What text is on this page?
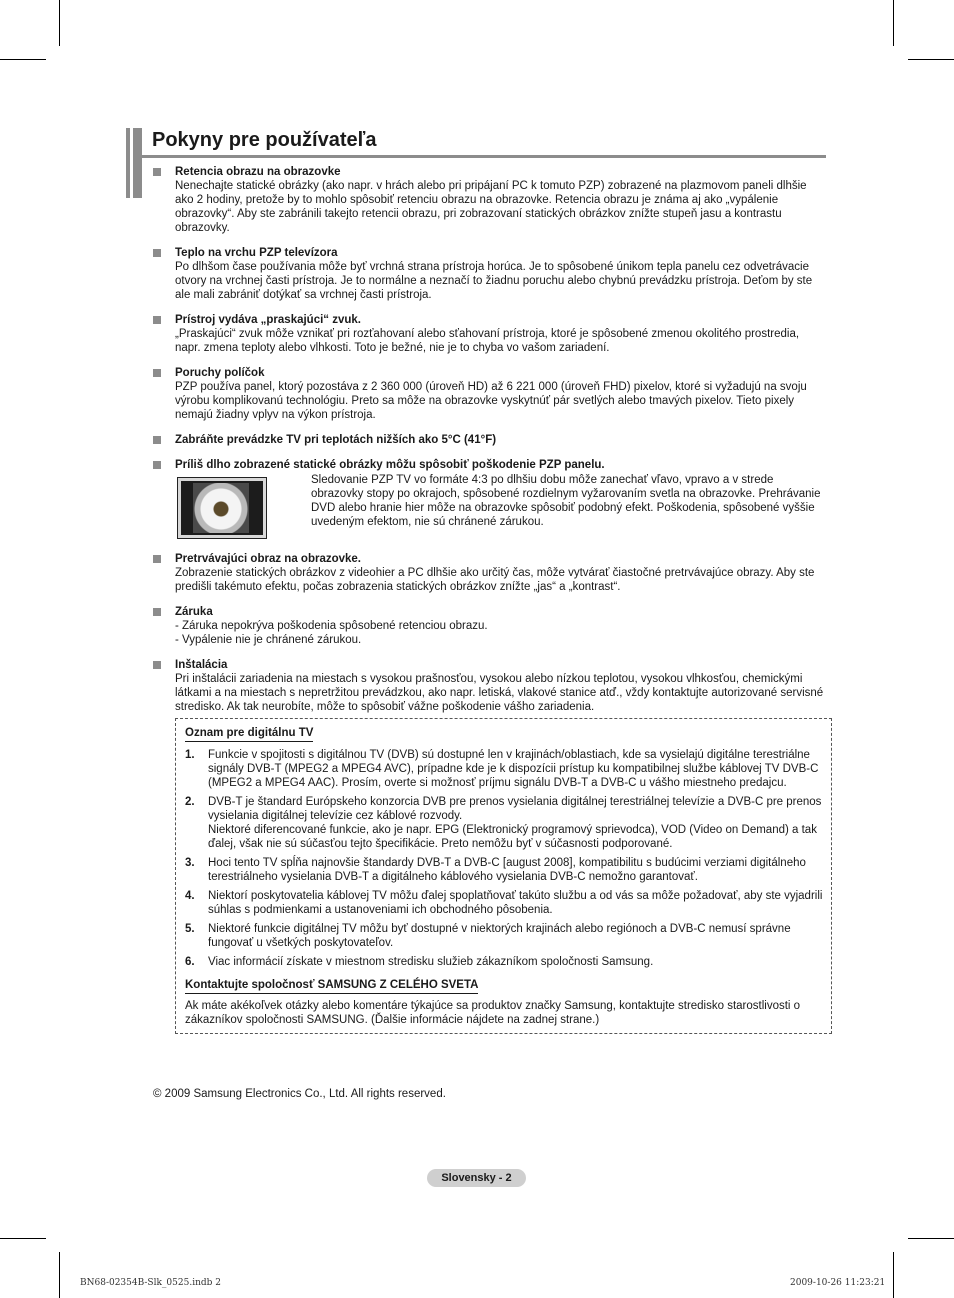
Pokyny pre používateľa
Retencia obrazu na obrazovke

Nenechajte statické obrázky (ako napr. v hrách alebo pri pripájaní PC k tomuto PZP) zobrazené na plazmovom paneli dlhšie ako 2 hodiny, pretože by to mohlo spôsobiť retenciu obrazu na obrazovke. Retencia obrazu je známa aj ako „vypálenie obrazovky“. Aby ste zabránili takejto retencii obrazu, pri zobrazovaní statických obrázkov znížte stupeň jasu a kontrastu obrazovky.

Teplo na vrchu PZP televízora

Po dlhšom čase používania môže byť vrchná strana prístroja horúca. Je to spôsobené únikom tepla panelu cez odvetrávacie otvory na vrchnej časti prístroja. Je to normálne a neznačí to žiadnu poruchu alebo chybnú prevádzku prístroja. Deťom by ste ale mali zabrániť dotýkať sa vrchnej časti prístroja.

Prístroj vydáva „praskajúci“ zvuk.

„Praskajúci“ zvuk môže vznikať pri rozťahovaní alebo sťahovaní prístroja, ktoré je spôsobené zmenou okolitého prostredia, napr. zmena teploty alebo vlhkosti. Toto je bežné, nie je to chyba vo vašom zariadení.

Poruchy políčok

PZP používa panel, ktorý pozostáva z 2 360 000 (úroveň HD) až 6 221 000 (úroveň FHD) pixelov, ktoré si vyžadujú na svoju výrobu komplikovanú technológiu. Preto sa môže na obrazovke vyskytnúť pár svetlých alebo tmavých pixelov. Tieto pixely nemajú žiadny vplyv na výkon prístroja.

Zabráňte prevádzke TV pri teplotách nižších ako 5°C (41°F)
Príliš dlho zobrazené statické obrázky môžu spôsobiť poškodenie PZP panelu.

Sledovanie PZP TV vo formáte 4:3 po dlhšiu dobu môže zanechať vľavo, vpravo a v strede obrazovky stopy po okrajoch, spôsobené rozdielnym vyžarovaním svetla na obrazovke. Prehrávanie DVD alebo hranie hier môže na obrazovke spôsobiť podobný efekt. Poškodenia, spôsobené vyššie uvedeným efektom, nie sú chránené zárukou.

Pretrvávajúci obraz na obrazovke.

Zobrazenie statických obrázkov z videohier a PC dlhšie ako určitý čas, môže vytvárať čiastočné pretrvávajúce obrazy. Aby ste predišli takémuto efektu, počas zobrazenia statických obrázkov znížte „jas“ a „kontrast“.

Záruka

- Záruka nepokrýva poškodenia spôsobené retenciou obrazu.

- Vypálenie nie je chránené zárukou.

Inštalácia

Pri inštalácii zariadenia na miestach s vysokou prašnosťou, vysokou alebo nízkou teplotou, vysokou vlhkosťou, chemickými látkami a na miestach s nepretržitou prevádzkou, ako napr. letiská, vlakové stanice atď., vždy kontaktujte autorizované servisné stredisko. Ak tak neurobíte, môže to spôsobiť vážne poškodenie vášho zariadenia.

Oznam pre digitálnu TV
1. Funkcie v spojitosti s digitálnou TV (DVB) sú dostupné len v krajinách/oblastiach, kde sa vysielajú digitálne terestriálne signály DVB-T (MPEG2 a MPEG4 AVC), prípadne kde je k dispozícii prístup ku kompatibilnej službe káblovej TV DVB-C (MPEG2 a MPEG4 AAC). Prosím, overte si možnosť príjmu signálu DVB-T a DVB-C u vášho miestneho predajcu.
2. DVB-T je štandard Európskeho konzorcia DVB pre prenos vysielania digitálnej terestriálnej televízie a DVB-C pre prenos vysielania digitálnej televízie cez káblové rozvody.
Niektoré diferencované funkcie, ako je napr. EPG (Elektronický programový sprievodca), VOD (Video on Demand) a tak ďalej, však nie sú súčasťou tejto špecifikácie. Preto nemôžu byť v súčasnosti podporované.
3. Hoci tento TV spĺňa najnovšie štandardy DVB-T a DVB-C [august 2008], kompatibilitu s budúcimi verziami digitálneho terestriálneho vysielania DVB-T a digitálneho káblového vysielania DVB-C nemožno garantovať.
4. Niektorí poskytovatelia káblovej TV môžu ďalej spoplatňovať takúto službu a od vás sa môže požadovať, aby ste vyjadrili súhlas s podmienkami a ustanoveniami ich obchodného pôsobenia.
5. Niektoré funkcie digitálnej TV môžu byť dostupné v niektorých krajinách alebo regiónoch a DVB-C nemusí správne fungovať u všetkých poskytovateľov.
6. Viac informácií získate v miestnom stredisku služieb zákazníkom spoločnosti Samsung.
Kontaktujte spoločnosť SAMSUNG Z CELÉHO SVETA
Ak máte akékoľvek otázky alebo komentáre týkajúce sa produktov značky Samsung, kontaktujte stredisko starostlivosti o zákazníkov spoločnosti SAMSUNG. (Ďalšie informácie nájdete na zadnej strane.)
© 2009 Samsung Electronics Co., Ltd. All rights reserved.
Slovensky - 2
BN68-02354B-Slk_0525.indb 2	2009-10-26 11:23:21
